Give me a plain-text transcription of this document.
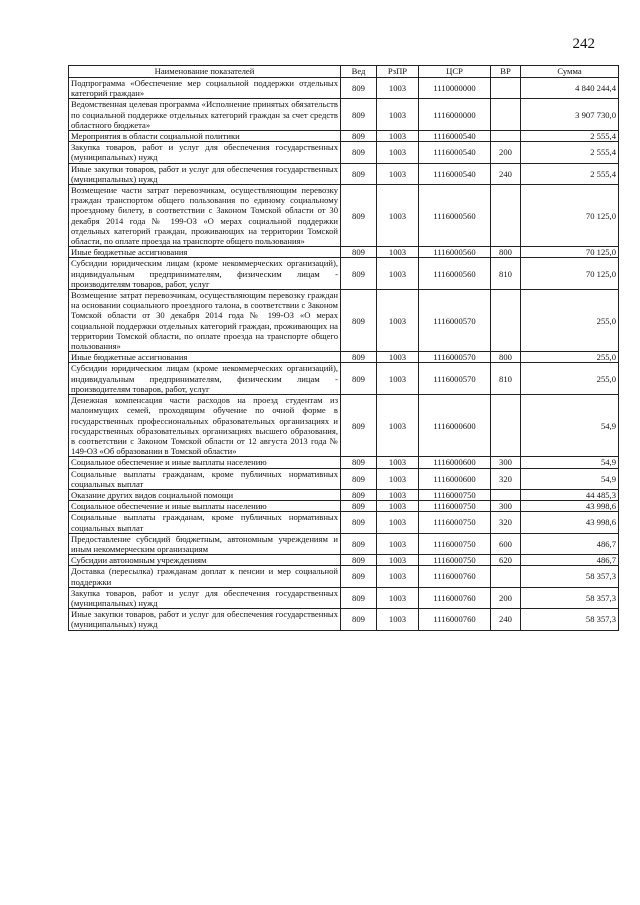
242
Наименование показателей	Вед	РзПР	ЦСР	ВР	Сумма
Подпрограмма «Обеспечение мер социальной поддержки отдельных категорий граждан»	809	1003	1110000000		4 840 244,4
Ведомственная целевая программа «Исполнение принятых обязательств по социальной поддержке отдельных категорий граждан за счет средств областного бюджета»	809	1003	1116000000		3 907 730,0
Мероприятия в области социальной политики	809	1003	1116000540		2 555,4
Закупка товаров, работ и услуг для обеспечения государственных (муниципальных) нужд	809	1003	1116000540	200	2 555,4
Иные закупки товаров, работ и услуг для обеспечения государственных (муниципальных) нужд	809	1003	1116000540	240	2 555,4
Возмещение части затрат перевозчикам, осуществляющим перевозку граждан транспортом общего пользования по единому социальному проездному билету, в соответствии с Законом Томской области от 30 декабря 2014 года № 199-ОЗ «О мерах социальной поддержки отдельных категорий граждан, проживающих на территории Томской области, по оплате проезда на транспорте общего пользования»	809	1003	1116000560		70 125,0
Иные бюджетные ассигнования	809	1003	1116000560	800	70 125,0
Субсидии юридическим лицам (кроме некоммерческих организаций), индивидуальным предпринимателям, физическим лицам - производителям товаров, работ, услуг	809	1003	1116000560	810	70 125,0
Возмещение затрат перевозчикам, осуществляющим перевозку граждан на основании социального проездного талона, в соответствии с Законом Томской области от 30 декабря 2014 года № 199-ОЗ «О мерах социальной поддержки отдельных категорий граждан, проживающих на территории Томской области, по оплате проезда на транспорте общего пользования»	809	1003	1116000570		255,0
Иные бюджетные ассигнования	809	1003	1116000570	800	255,0
Субсидии юридическим лицам (кроме некоммерческих организаций), индивидуальным предпринимателям, физическим лицам - производителям товаров, работ, услуг	809	1003	1116000570	810	255,0
Денежная компенсация части расходов на проезд студентам из малоимущих семей, проходящим обучение по очной форме в государственных профессиональных образовательных организациях и государственных образовательных организациях высшего образования, в соответствии с Законом Томской области от 12 августа 2013 года № 149-ОЗ «Об образовании в Томской области»	809	1003	1116000600		54,9
Социальное обеспечение и иные выплаты населению	809	1003	1116000600	300	54,9
Социальные выплаты гражданам, кроме публичных нормативных социальных выплат	809	1003	1116000600	320	54,9
Оказание других видов социальной помощи	809	1003	1116000750		44 485,3
Социальное обеспечение и иные выплаты населению	809	1003	1116000750	300	43 998,6
Социальные выплаты гражданам, кроме публичных нормативных социальных выплат	809	1003	1116000750	320	43 998,6
Предоставление субсидий бюджетным, автономным учреждениям и иным некоммерческим организациям	809	1003	1116000750	600	486,7
Субсидии автономным учреждениям	809	1003	1116000750	620	486,7
Доставка (пересылка) гражданам доплат к пенсии и мер социальной поддержки	809	1003	1116000760		58 357,3
Закупка товаров, работ и услуг для обеспечения государственных (муниципальных) нужд	809	1003	1116000760	200	58 357,3
Иные закупки товаров, работ и услуг для обеспечения государственных (муниципальных) нужд	809	1003	1116000760	240	58 357,3
